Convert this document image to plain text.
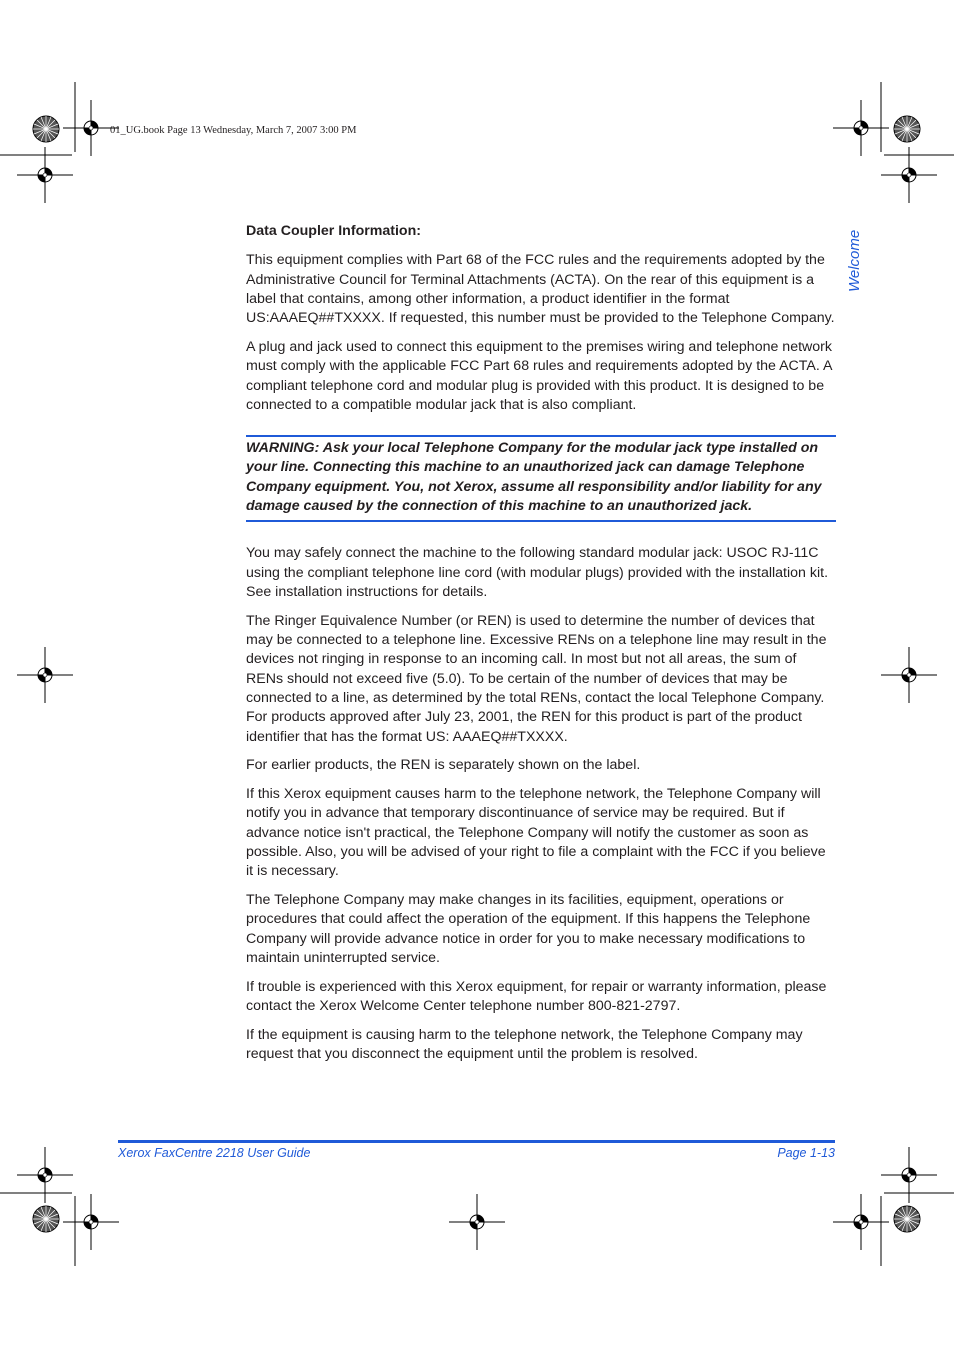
01_UG.book Page 13 Wednesday, March 7, 2007 3:00 PM
Welcome
Data Coupler Information:

This equipment complies with Part 68 of the FCC rules and the requirements adopted by the Administrative Council for Terminal Attachments (ACTA). On the rear of this equipment is a label that contains, among other information, a product identifier in the format US:AAAEQ##TXXXX. If requested, this number must be provided to the Telephone Company.

A plug and jack used to connect this equipment to the premises wiring and telephone network must comply with the applicable FCC Part 68 rules and requirements adopted by the ACTA. A compliant telephone cord and modular plug is provided with this product. It is designed to be connected to a compatible modular jack that is also compliant.

WARNING: Ask your local Telephone Company for the modular jack type installed on your line. Connecting this machine to an unauthorized jack can damage Telephone Company equipment. You, not Xerox, assume all responsibility and/or liability for any damage caused by the connection of this machine to an unauthorized jack.

You may safely connect the machine to the following standard modular jack: USOC RJ-11C using the compliant telephone line cord (with modular plugs) provided with the installation kit. See installation instructions for details.

The Ringer Equivalence Number (or REN) is used to determine the number of devices that may be connected to a telephone line. Excessive RENs on a telephone line may result in the devices not ringing in response to an incoming call. In most but not all areas, the sum of RENs should not exceed five (5.0). To be certain of the number of devices that may be connected to a line, as determined by the total RENs, contact the local Telephone Company. For products approved after July 23, 2001, the REN for this product is part of the product identifier that has the format US: AAAEQ##TXXXX.

For earlier products, the REN is separately shown on the label.

If this Xerox equipment causes harm to the telephone network, the Telephone Company will notify you in advance that temporary discontinuance of service may be required. But if advance notice isn't practical, the Telephone Company will notify the customer as soon as possible. Also, you will be advised of your right to file a complaint with the FCC if you believe it is necessary.

The Telephone Company may make changes in its facilities, equipment, operations or procedures that could affect the operation of the equipment. If this happens the Telephone Company will provide advance notice in order for you to make necessary modifications to maintain uninterrupted service.

If trouble is experienced with this Xerox equipment, for repair or warranty information, please contact the Xerox Welcome Center telephone number 800-821-2797.

If the equipment is causing harm to the telephone network, the Telephone Company may request that you disconnect the equipment until the problem is resolved.

Xerox FaxCentre 2218 User Guide	Page 1-13
